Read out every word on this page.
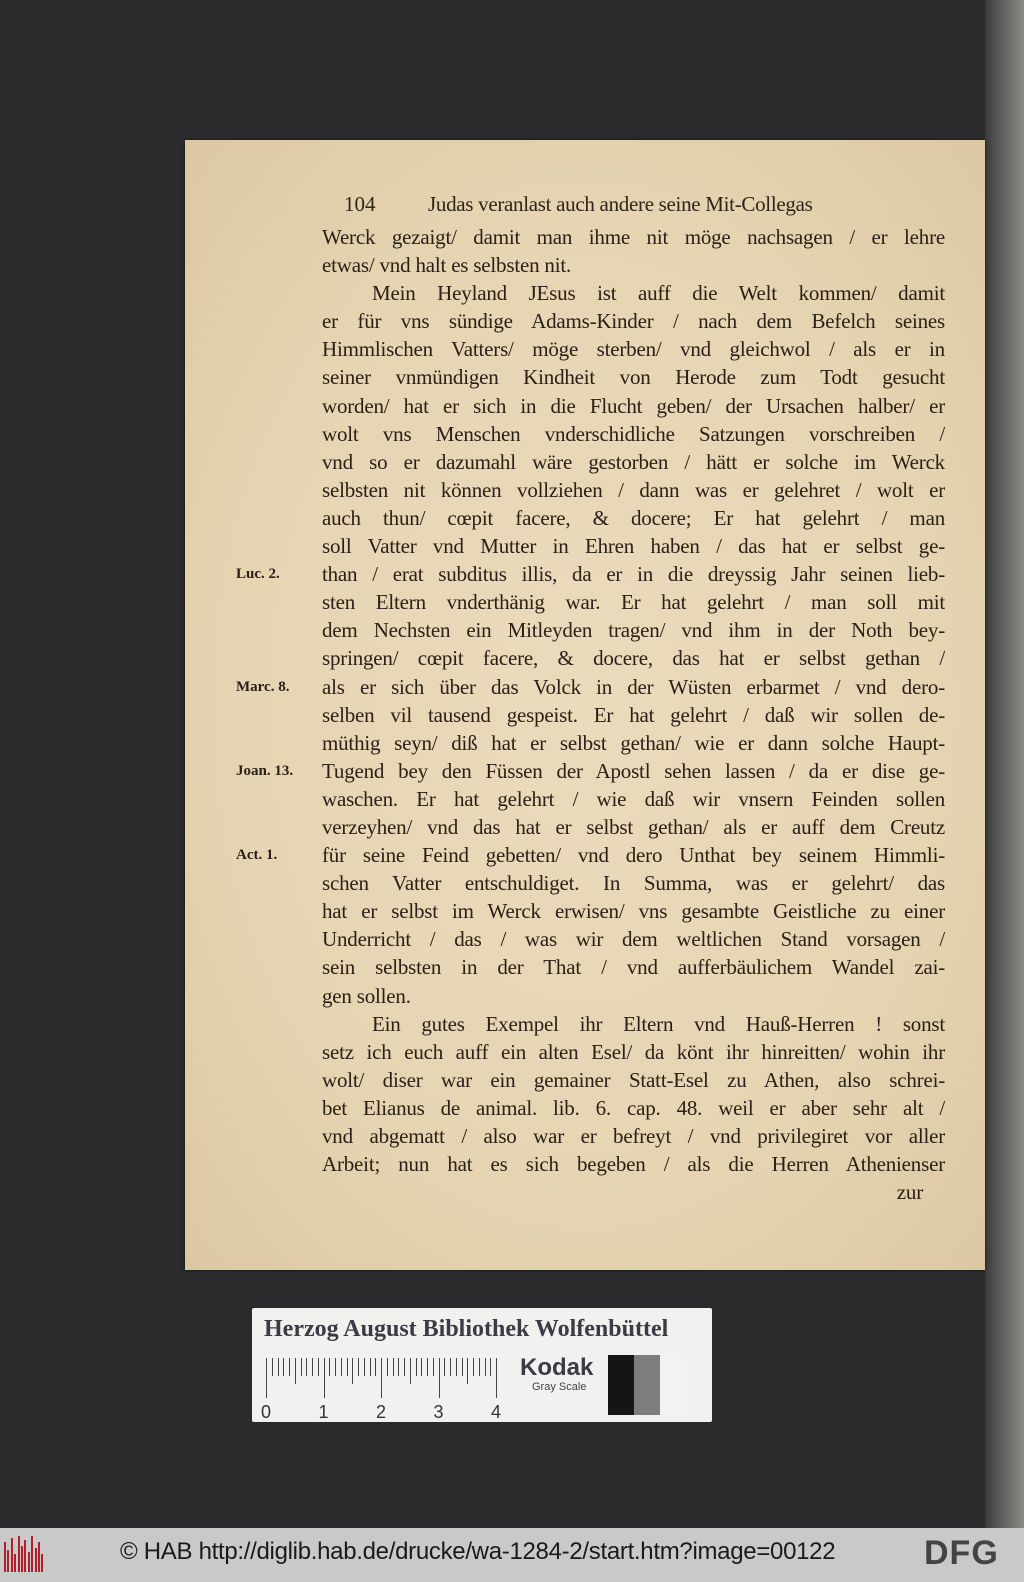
104	Judas veranlast auch andere seine Mit-Collegas
Werck gezaigt/ damit man ihme nit möge nachsagen / er lehre
etwas/ vnd halt es selbsten nit.
Mein Heyland JEsus ist auff die Welt kommen/ damit
er für vns sündige Adams-Kinder / nach dem Befelch seines
Himmlischen Vatters/ möge sterben/ vnd gleichwol / als er in
seiner vnmündigen Kindheit von Herode zum Todt gesucht
worden/ hat er sich in die Flucht geben/ der Ursachen halber/ er
wolt vns Menschen vnderschidliche Satzungen vorschreiben /
vnd so er dazumahl wäre gestorben / hätt er solche im Werck
selbsten nit können vollziehen / dann was er gelehret / wolt er
auch thun/ cœpit facere, & docere; Er hat gelehrt / man
soll Vatter vnd Mutter in Ehren haben / das hat er selbst ge-
than / erat subditus illis, da er in die dreyssig Jahr seinen lieb-
sten Eltern vnderthänig war. Er hat gelehrt / man soll mit
dem Nechsten ein Mitleyden tragen/ vnd ihm in der Noth bey-
springen/ cœpit facere, & docere, das hat er selbst gethan /
als er sich über das Volck in der Wüsten erbarmet / vnd dero-
selben vil tausend gespeist. Er hat gelehrt / daß wir sollen de-
müthig seyn/ diß hat er selbst gethan/ wie er dann solche Haupt-
Tugend bey den Füssen der Apostl sehen lassen / da er dise ge-
waschen. Er hat gelehrt / wie daß wir vnsern Feinden sollen
verzeyhen/ vnd das hat er selbst gethan/ als er auff dem Creutz
für seine Feind gebetten/ vnd dero Unthat bey seinem Himmli-
schen Vatter entschuldiget. In Summa, was er gelehrt/ das
hat er selbst im Werck erwisen/ vns gesambte Geistliche zu einer
Underricht / das / was wir dem weltlichen Stand vorsagen /
sein selbsten in der That / vnd aufferbäulichem Wandel zai-
gen sollen.
Ein gutes Exempel ihr Eltern vnd Hauß-Herren ! sonst
setz ich euch auff ein alten Esel/ da könt ihr hinreitten/ wohin ihr
wolt/ diser war ein gemainer Statt-Esel zu Athen, also schrei-
bet Elianus de animal. lib. 6. cap. 48. weil er aber sehr alt /
vnd abgematt / also war er befreyt / vnd privilegiret vor aller
Arbeit; nun hat es sich begeben / als die Herren Athenienser
zur
Luc. 2.
Marc. 8.
Joan. 13.
Act. 1.
Herzog August Bibliothek Wolfenbüttel
0	1	2	3	4
Kodak
Gray Scale
© HAB http://diglib.hab.de/drucke/wa-1284-2/start.htm?image=00122	DFG
